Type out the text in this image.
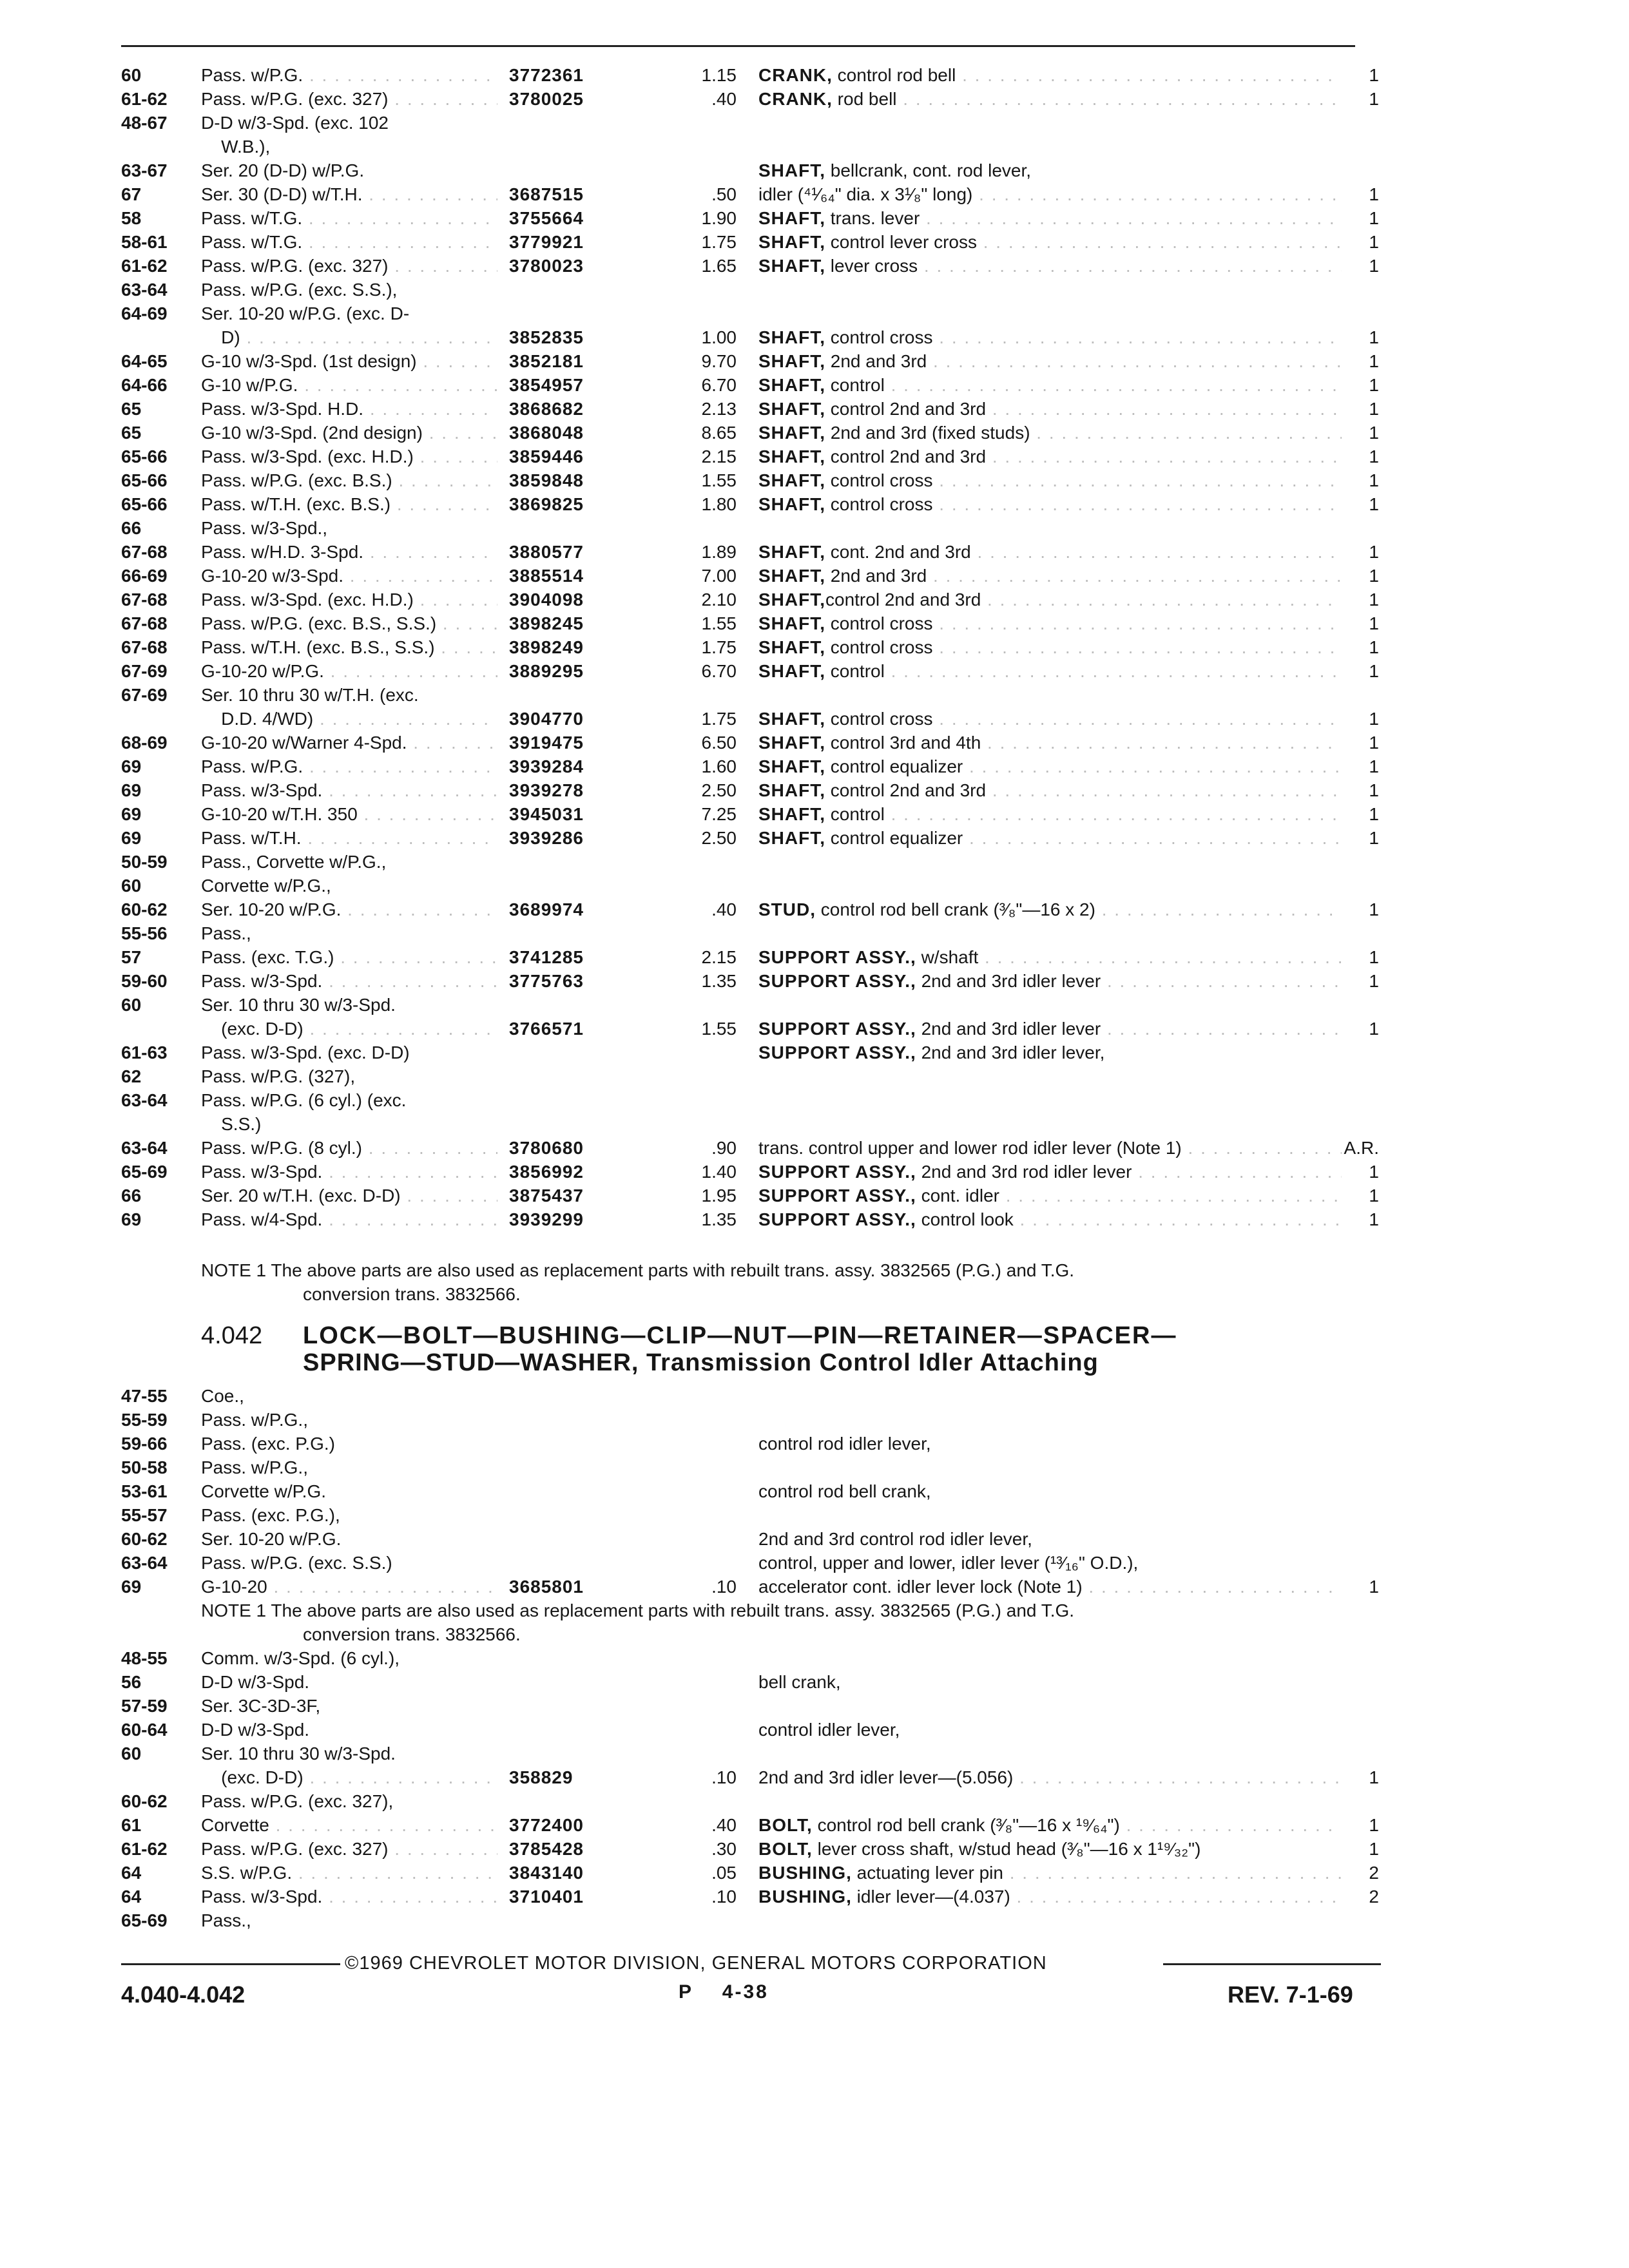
60	Pass. w/P.G. . . .	3772361	1.15 CRANK, control rod bell . . .	1
61-62 Pass. w/P.G. (exc. 327) . . .	3780025	.40 CRANK, rod bell . . .	1
48-67 D-D w/3-Spd. (exc. 102
W.B.),
63-67 Ser. 20 (D-D) w/P.G.	SHAFT, bellcrank, cont. rod lever,
67	Ser. 30 (D-D) w/T.H. . . .	3687515	.50 idler (⁴¹⁄₆₄" dia. x 3¹⁄₈" long) . . .	1
58	Pass. w/T.G. . . .	3755664	1.90 SHAFT, trans. lever . . .	1
58-61 Pass. w/T.G. . . .	3779921	1.75 SHAFT, control lever cross . . .	1
61-62 Pass. w/P.G. (exc. 327) . . .	3780023	1.65 SHAFT, lever cross . . .	1
63-64 Pass. w/P.G. (exc. S.S.),
64-69 Ser. 10-20 w/P.G. (exc. D-
D) . . .	3852835	1.00 SHAFT, control cross . . .	1
64-65 G-10 w/3-Spd. (1st design) . . .	3852181	9.70 SHAFT, 2nd and 3rd . . .	1
64-66 G-10 w/P.G. . . .	3854957	6.70 SHAFT, control . . .	1
65	Pass. w/3-Spd. H.D. . . .	3868682	2.13 SHAFT, control 2nd and 3rd . . .	1
65	G-10 w/3-Spd. (2nd design) . . .	3868048	8.65 SHAFT, 2nd and 3rd (fixed studs) . . .	1
65-66 Pass. w/3-Spd. (exc. H.D.) . . .	3859446	2.15 SHAFT, control 2nd and 3rd . . .	1
65-66 Pass. w/P.G. (exc. B.S.) . . .	3859848	1.55 SHAFT, control cross . . .	1
65-66 Pass. w/T.H. (exc. B.S.) . . .	3869825	1.80 SHAFT, control cross . . .	1
66	Pass. w/3-Spd.,
67-68 Pass. w/H.D. 3-Spd. . . .	3880577	1.89 SHAFT, cont. 2nd and 3rd . . .	1
66-69 G-10-20 w/3-Spd. . . .	3885514	7.00 SHAFT, 2nd and 3rd . . .	1
67-68 Pass. w/3-Spd. (exc. H.D.) . . .	3904098	2.10 SHAFT,control 2nd and 3rd . . .	1
67-68 Pass. w/P.G. (exc. B.S., S.S.) . . .	3898245	1.55 SHAFT, control cross . . .	1
67-68 Pass. w/T.H. (exc. B.S., S.S.) . . .	3898249	1.75 SHAFT, control cross . . .	1
67-69 G-10-20 w/P.G. . . .	3889295	6.70 SHAFT, control . . .	1
67-69 Ser. 10 thru 30 w/T.H. (exc.
D.D. 4/WD) . . .	3904770	1.75 SHAFT, control cross . . .	1
68-69 G-10-20 w/Warner 4-Spd. . . .	3919475	6.50 SHAFT, control 3rd and 4th . . .	1
69	Pass. w/P.G. . . .	3939284	1.60 SHAFT, control equalizer . . .	1
69	Pass. w/3-Spd. . . .	3939278	2.50 SHAFT, control 2nd and 3rd . . .	1
69	G-10-20 w/T.H. 350 . . .	3945031	7.25 SHAFT, control . . .	1
69	Pass. w/T.H. . . .	3939286	2.50 SHAFT, control equalizer . . .	1
50-59 Pass., Corvette w/P.G.,
60	Corvette w/P.G.,
60-62 Ser. 10-20 w/P.G. . . .	3689974	.40 STUD, control rod bell crank (³⁄₈"—16 x 2) . . .	1
55-56 Pass.,
57	Pass. (exc. T.G.) . . .	3741285	2.15 SUPPORT ASSY., w/shaft . . .	1
59-60 Pass. w/3-Spd. . . .	3775763	1.35 SUPPORT ASSY., 2nd and 3rd idler lever . . .	1
60	Ser. 10 thru 30 w/3-Spd.
(exc. D-D) . . .	3766571	1.55 SUPPORT ASSY., 2nd and 3rd idler lever . . .	1
61-63 Pass. w/3-Spd. (exc. D-D)	SUPPORT ASSY., 2nd and 3rd idler lever,
62	Pass. w/P.G. (327),
63-64 Pass. w/P.G. (6 cyl.) (exc.
S.S.)
63-64 Pass. w/P.G. (8 cyl.) . . .	3780680	.90 trans. control upper and lower rod idler lever (Note 1) . . .	A.R.
65-69 Pass. w/3-Spd. . . .	3856992	1.40 SUPPORT ASSY., 2nd and 3rd rod idler lever . . .	1
66	Ser. 20 w/T.H. (exc. D-D) . . .	3875437	1.95 SUPPORT ASSY., cont. idler . . .	1
69	Pass. w/4-Spd. . . .	3939299	1.35 SUPPORT ASSY., control look . . .	1
NOTE 1 The above parts are also used as replacement parts with rebuilt trans. assy. 3832565 (P.G.) and T.G.
conversion trans. 3832566.
4.042 LOCK—BOLT—BUSHING—CLIP—NUT—PIN—RETAINER—SPACER—
SPRING—STUD—WASHER, Transmission Control Idler Attaching
47-55 Coe.,
55-59 Pass. w/P.G.,
59-66 Pass. (exc. P.G.)	control rod idler lever,
50-58 Pass. w/P.G.,
53-61 Corvette w/P.G.	control rod bell crank,
55-57 Pass. (exc. P.G.),
60-62 Ser. 10-20 w/P.G.	2nd and 3rd control rod idler lever,
63-64 Pass. w/P.G. (exc. S.S.)	control, upper and lower, idler lever (¹³⁄₁₆" O.D.),
69	G-10-20 . . .	3685801	.10 accelerator cont. idler lever lock (Note 1) . . .	1
NOTE 1 The above parts are also used as replacement parts with rebuilt trans. assy. 3832565 (P.G.) and T.G.
conversion trans. 3832566.
48-55 Comm. w/3-Spd. (6 cyl.),
56	D-D w/3-Spd.	bell crank,
57-59 Ser. 3C-3D-3F,
60-64 D-D w/3-Spd.	control idler lever,
60	Ser. 10 thru 30 w/3-Spd.
(exc. D-D) . . .	358829	.10 2nd and 3rd idler lever—(5.056) . . .	1
60-62 Pass. w/P.G. (exc. 327),
61	Corvette . . .	3772400	.40 BOLT, control rod bell crank (³⁄₈"—16 x ¹⁹⁄₆₄") . . .	1
61-62 Pass. w/P.G. (exc. 327) . . .	3785428	.30 BOLT, lever cross shaft, w/stud head (³⁄₈"—16 x 1¹⁹⁄₃₂")	1
64	S.S. w/P.G. . . .	3843140	.05 BUSHING, actuating lever pin . . .	2
64	Pass. w/3-Spd. . . .	3710401	.10 BUSHING, idler lever—(4.037) . . .	2
65-69 Pass.,
©1969 CHEVROLET MOTOR DIVISION, GENERAL MOTORS CORPORATION
4.040-4.042	P    4-38	REV. 7-1-69
